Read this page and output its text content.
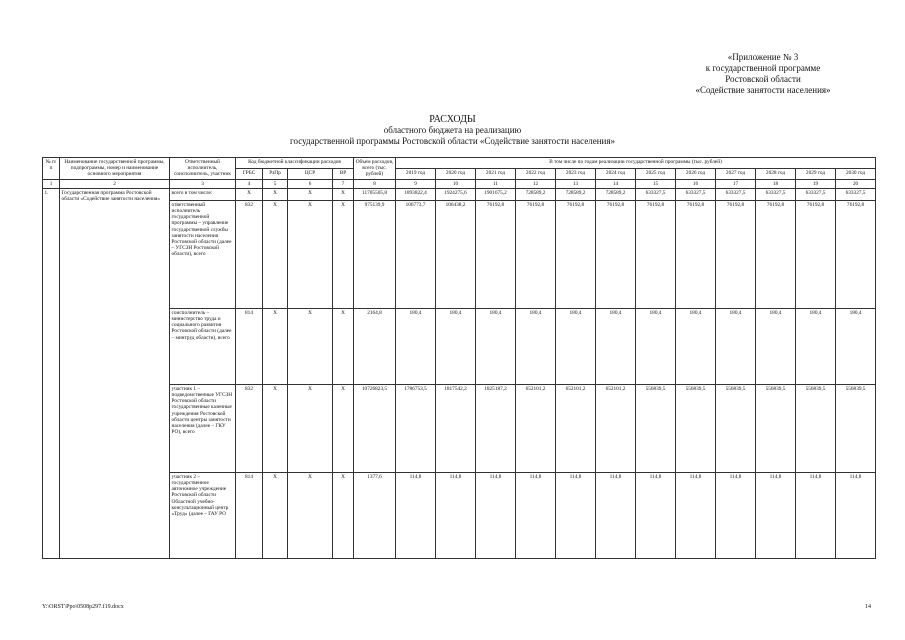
«Приложение № 3
к государственной программе
Ростовской области
«Содействие занятости населения»
РАСХОДЫ
областного бюджета на реализацию
государственной программы Ростовской области «Содействие занятости населения»
№ п/п	Наименование государственной программы, подпрограммы, номер и наименование основного мероприятия	Ответственный исполнитель, соисполнитель, участник	Код бюджетной классификации расходов				Объем расходов, всего (тыс. рублей)	В том числе по годам реализации государственной программы (тыс. рублей)											
			ГРБС	РзПр	ЦСР	ВР		2019 год	2020 год	2021 год	2022 год	2023 год	2024 год	2025 год	2026 год	2027 год	2028 год	2029 год	2030 год
1	2	3	4	5	6	7	8	9	10	11	12	13	14	15	16	17	18	19	20
1.	Государственная программа Ростовской области «Содействие занятости населения»	всего в том числе:	Х	Х	Х	Х	11705505,8	1893822,4	1924275,6	1901675,2	728589,2	728589,2	728589,2	633327,5	633327,5	633327,5	633327,5	633327,5	633327,5
		ответственный исполнитель государственной программы – управление государственной службы занятости населения Ростовской области (далее – УГСЗН Ростовской области), всего	832	Х	Х	Х	975139,9	106773,7	106438,2	76192,8	76192,8	76192,8	76192,8	76192,8	76192,8	76192,8	76192,8	76192,8	76192,8
		соисполнитель – министерство труда и социального развития Ростовской области (далее – минтруд области), всего	814	Х	Х	Х	2164,8	180,4	180,4	180,4	180,4	180,4	180,4	180,4	180,4	180,4	180,4	180,4	180,4
		участник 1 – подведомственные УГСЗН Ростовской области государственные казенные учреждения Ростовской области центры занятости населения (далее – ГКУ РО), всего	832	Х	Х	Х	10726823,5	1786753,5	1817542,2	1825187,2	652101,2	652101,2	652101,2	556839,5	556839,5	556839,5	556839,5	556839,5	556839,5
		участник 2 – государственное автономное учреждение Ростовской области Областной учебно-консультационный центр «Труд» (далее – ГАУ РО	814	Х	Х	Х	1377,6	114,8	114,8	114,8	114,8	114,8	114,8	114,8	114,8	114,8	114,8	114,8	114,8
Y:\ORST\Ppo\0508p297.f19.docx	14
